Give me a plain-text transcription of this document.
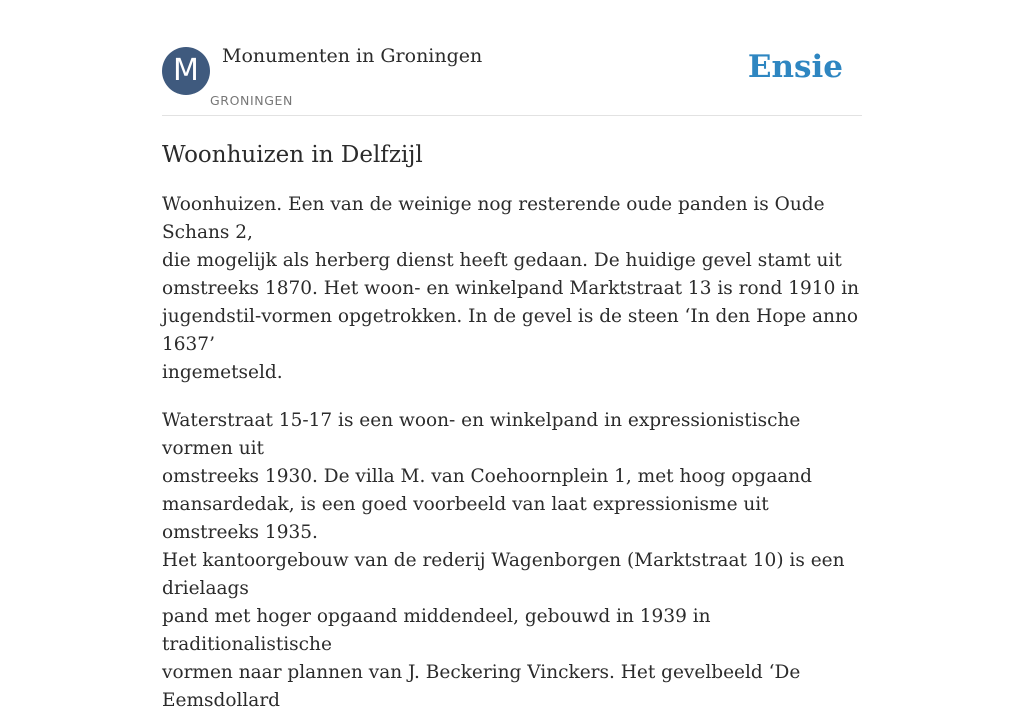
M	Monumenten in Groningen
GRONINGEN
Ensie
Woonhuizen in Delfzijl

Woonhuizen. Een van de weinige nog resterende oude panden is Oude Schans 2,
die mogelijk als herberg dienst heeft gedaan. De huidige gevel stamt uit
omstreeks 1870. Het woon- en winkelpand Marktstraat 13 is rond 1910 in
jugendstil-vormen opgetrokken. In de gevel is de steen ‘In den Hope anno 1637’
ingemetseld.

Waterstraat 15-17 is een woon- en winkelpand in expressionistische vormen uit
omstreeks 1930. De villa M. van Coehoornplein 1, met hoog opgaand
mansardedak, is een goed voorbeeld van laat expressionisme uit omstreeks 1935.
Het kantoorgebouw van de rederij Wagenborgen (Marktstraat 10) is een drielaags
pand met hoger opgaand middendeel, gebouwd in 1939 in traditionalistische
vormen naar plannen van J. Beckering Vinckers. Het gevelbeeld ‘De Eemsdollard
